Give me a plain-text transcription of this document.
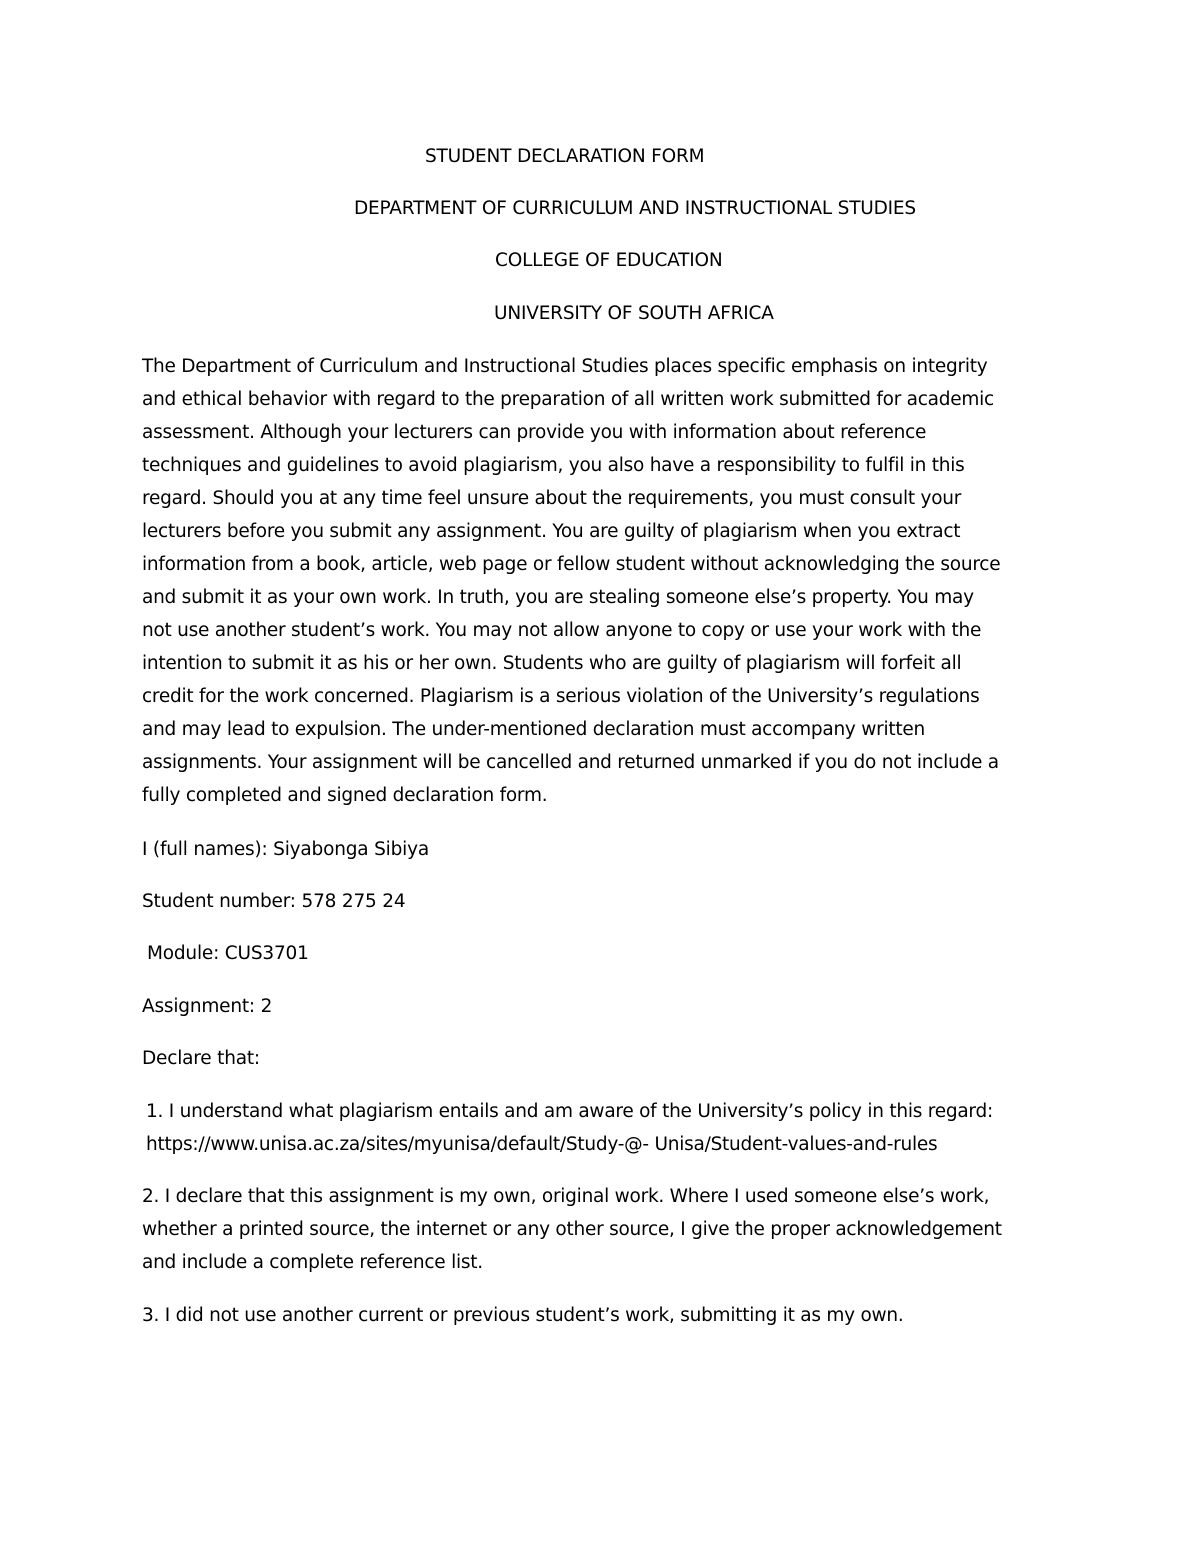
STUDENT DECLARATION FORM
DEPARTMENT OF CURRICULUM AND INSTRUCTIONAL STUDIES
COLLEGE OF EDUCATION
UNIVERSITY OF SOUTH AFRICA
The Department of Curriculum and Instructional Studies places specific emphasis on integrity
and ethical behavior with regard to the preparation of all written work submitted for academic
assessment. Although your lecturers can provide you with information about reference
techniques and guidelines to avoid plagiarism, you also have a responsibility to fulfil in this
regard. Should you at any time feel unsure about the requirements, you must consult your
lecturers before you submit any assignment. You are guilty of plagiarism when you extract
information from a book, article, web page or fellow student without acknowledging the source
and submit it as your own work. In truth, you are stealing someone else’s property. You may
not use another student’s work. You may not allow anyone to copy or use your work with the
intention to submit it as his or her own. Students who are guilty of plagiarism will forfeit all
credit for the work concerned. Plagiarism is a serious violation of the University’s regulations
and may lead to expulsion. The under-mentioned declaration must accompany written
assignments. Your assignment will be cancelled and returned unmarked if you do not include a
fully completed and signed declaration form.
I (full names): Siyabonga Sibiya
Student number: 578 275 24
Module: CUS3701
Assignment: 2
Declare that:
1. I understand what plagiarism entails and am aware of the University’s policy in this regard:
https://www.unisa.ac.za/sites/myunisa/default/Study-@- Unisa/Student-values-and-rules
2. I declare that this assignment is my own, original work. Where I used someone else’s work,
whether a printed source, the internet or any other source, I give the proper acknowledgement
and include a complete reference list.
3. I did not use another current or previous student’s work, submitting it as my own.
